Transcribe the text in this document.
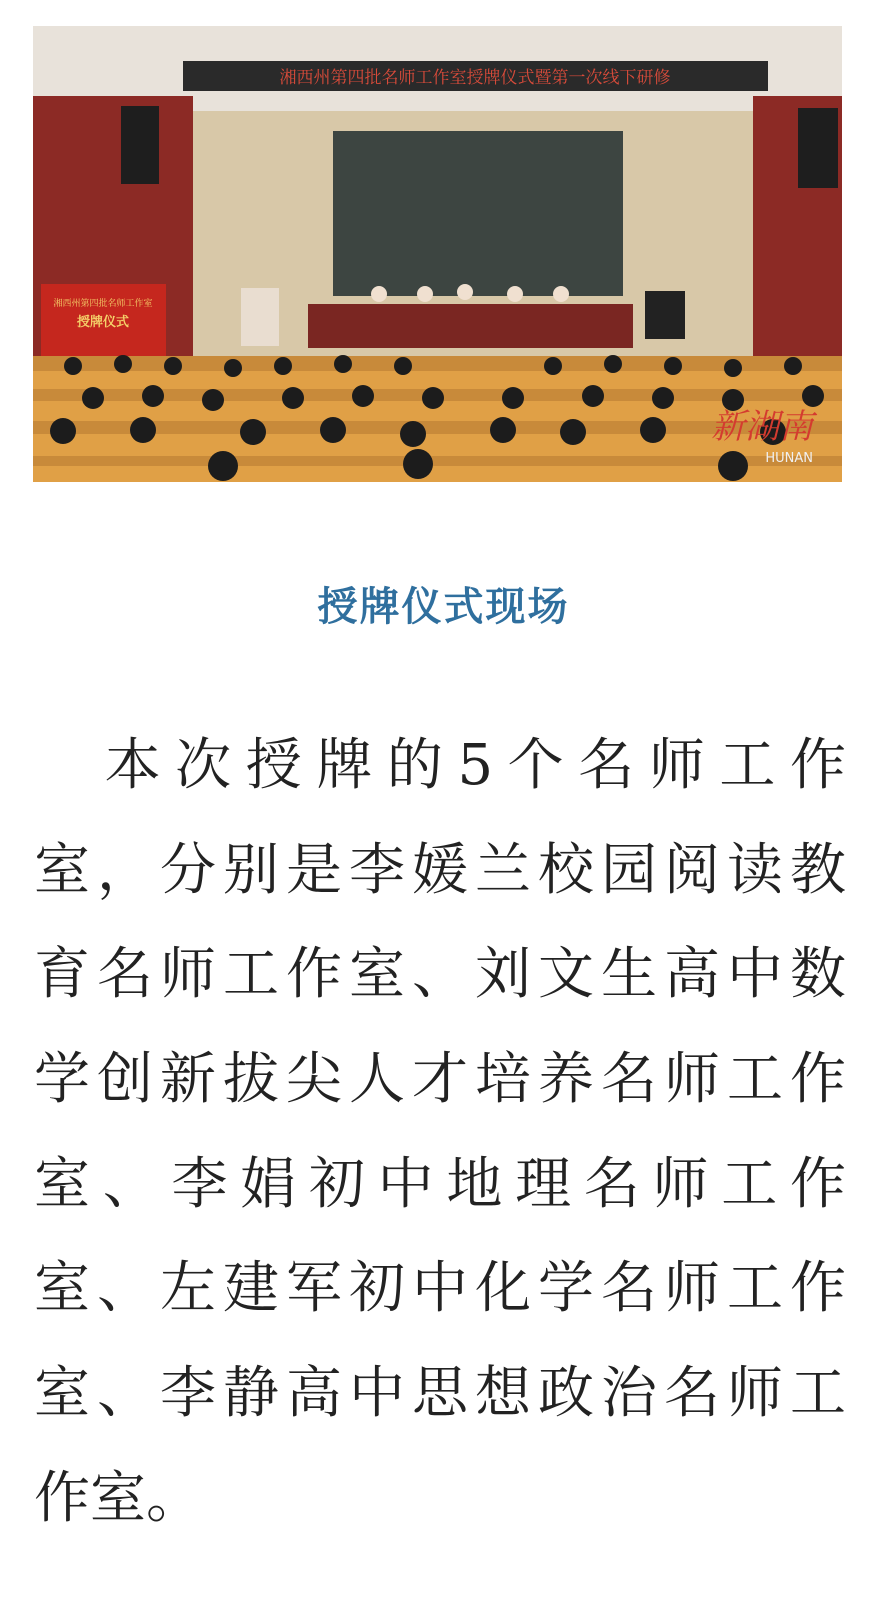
湘西州第四批名师工作室授牌仪式暨第一次线下研修
湘西州第四批名师工作室
授牌仪式
新湖南
HUNAN
授牌仪式现场
　本次授牌的5个名师工作
室，分别是李媛兰校园阅读教
育名师工作室、刘文生高中数
学创新拔尖人才培养名师工作
室、李娟初中地理名师工作
室、左建军初中化学名师工作
室、李静高中思想政治名师工
作室。
